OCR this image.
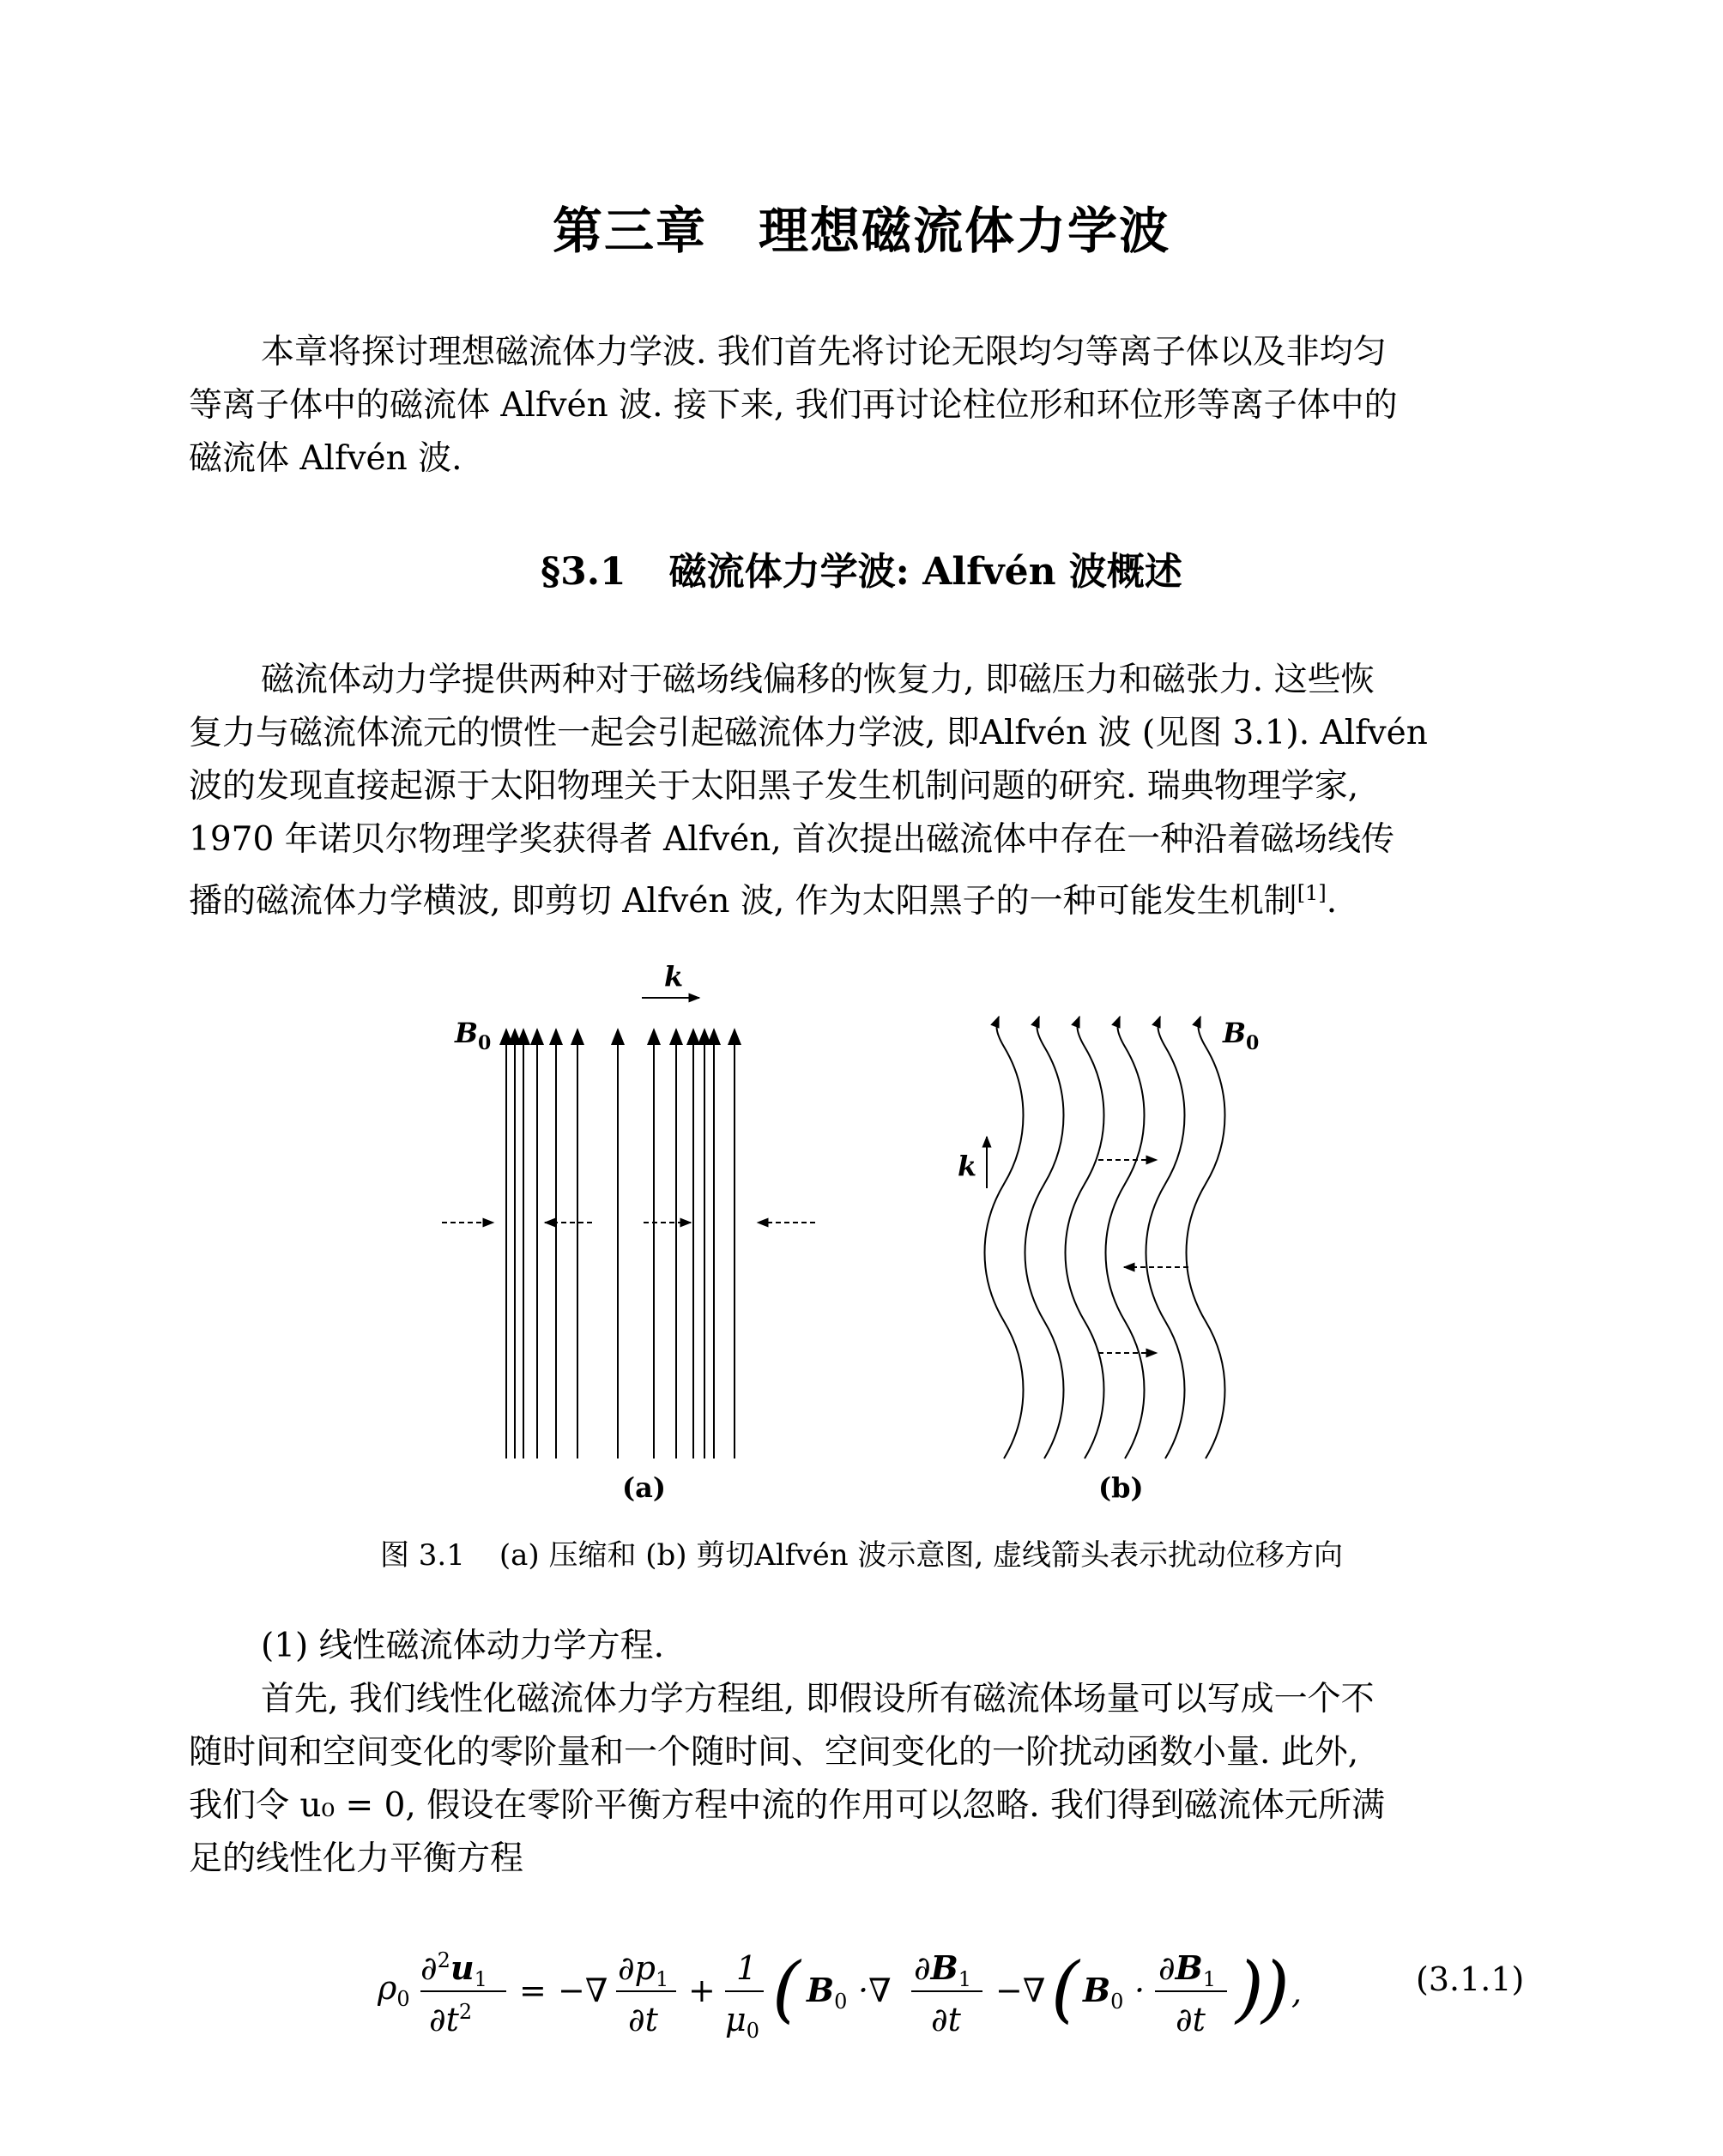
第三章 理想磁流体力学波
本章将探讨理想磁流体力学波. 我们首先将讨论无限均匀等离子体以及非均匀
等离子体中的磁流体 Alfvén 波. 接下来, 我们再讨论柱位形和环位形等离子体中的
磁流体 Alfvén 波.
§3.1 磁流体力学波: Alfvén 波概述
磁流体动力学提供两种对于磁场线偏移的恢复力, 即磁压力和磁张力. 这些恢
复力与磁流体流元的惯性一起会引起磁流体力学波, 即Alfvén 波 (见图 3.1). Alfvén
波的发现直接起源于太阳物理关于太阳黑子发生机制问题的研究. 瑞典物理学家,
1970 年诺贝尔物理学奖获得者 Alfvén, 首次提出磁流体中存在一种沿着磁场线传
播的磁流体力学横波, 即剪切 Alfvén 波, 作为太阳黑子的一种可能发生机制[1].
k
$B_0$
(a)
k
$B_0$
(b)
图 3.1 (a) 压缩和 (b) 剪切Alfvén 波示意图, 虚线箭头表示扰动位移方向
(1) 线性磁流体动力学方程.
首先, 我们线性化磁流体力学方程组, 即假设所有磁流体场量可以写成一个不
随时间和空间变化的零阶量和一个随时间、空间变化的一阶扰动函数小量. 此外,
我们令 u₀ = 0, 假设在零阶平衡方程中流的作用可以忽略. 我们得到磁流体元所满
足的线性化力平衡方程
$\rho_0$
$\partial^2u_1$
$\partial t^2$
= −∇
$\partial p_1$
∂t
+
1
$\mu_0$ ( $B_0$ ·∇
$\partial B_1$
∂t
−∇ ( $B_0$ ·
$\partial B_1$
∂t )
) ,	(3.1.1)
